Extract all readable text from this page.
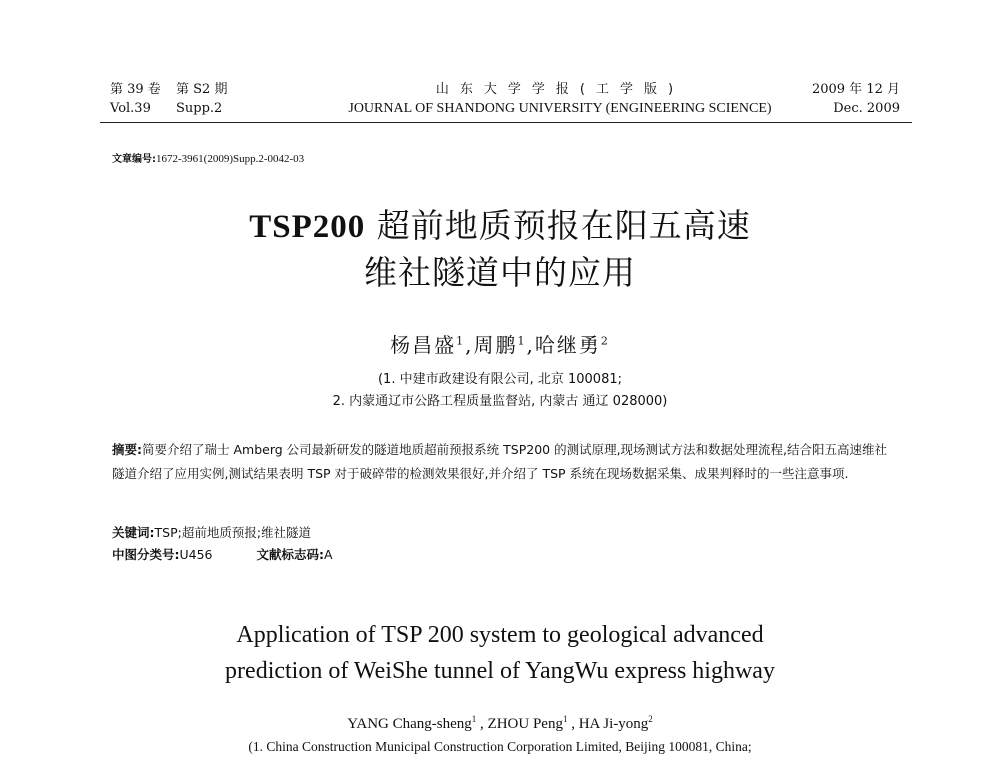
第 39 卷 第 S2 期
Vol.39 Supp.2
山东大学学报(工学版)
JOURNAL OF SHANDONG UNIVERSITY (ENGINEERING SCIENCE)
2009 年 12 月
Dec. 2009
文章编号:1672-3961(2009)Supp.2-0042-03
TSP200 超前地质预报在阳五高速
维社隧道中的应用
杨昌盛$^1$,周鹏$^1$,哈继勇$^2$
(1. 中建市政建设有限公司, 北京 100081;
2. 内蒙通辽市公路工程质量监督站, 内蒙古 通辽 028000)
摘要:简要介绍了瑞士 Amberg 公司最新研发的隧道地质超前预报系统 TSP200 的测试原理,现场测试方法和数据处理流程,结合阳五高速维社隧道介绍了应用实例,测试结果表明 TSP 对于破碎带的检测效果很好,并介绍了 TSP 系统在现场数据采集、成果判释时的一些注意事项.
关键词:TSP;超前地质预报;维社隧道
中图分类号:U456	文献标志码:A
Application of TSP 200 system to geological advanced
prediction of WeiShe tunnel of YangWu express highway
YANG Chang-sheng$^1$ , ZHOU Peng$^1$ , HA Ji-yong$^2$
(1. China Construction Municipal Construction Corporation Limited, Beijing 100081, China;
